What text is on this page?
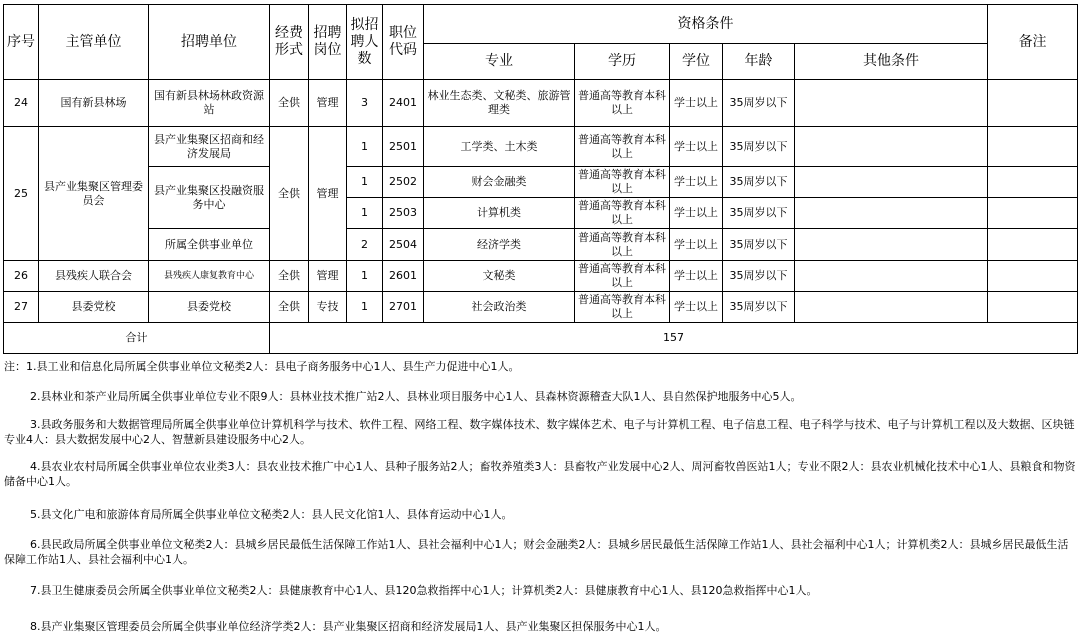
序号	主管单位	招聘单位	经费形式	招聘岗位	拟招聘人数	职位代码	资格条件					备注
							专业	学历	学位	年龄	其他条件	
24	国有新县林场	国有新县林场林政资源站	全供	管理	3	2401	林业生态类、文秘类、旅游管理类	普通高等教育本科以上	学士以上	35周岁以下		
25	县产业集聚区管理委员会	县产业集聚区招商和经济发展局	全供	管理	1	2501	工学类、土木类	普通高等教育本科以上	学士以上	35周岁以下		
		县产业集聚区投融资服务中心			1	2502	财会金融类	普通高等教育本科以上	学士以上	35周岁以下		
					1	2503	计算机类	普通高等教育本科以上	学士以上	35周岁以下		
		所属全供事业单位			2	2504	经济学类	普通高等教育本科以上	学士以上	35周岁以下		
26	县残疾人联合会	县残疾人康复教育中心	全供	管理	1	2601	文秘类	普通高等教育本科以上	学士以上	35周岁以下		
27	县委党校	县委党校	全供	专技	1	2701	社会政治类	普通高等教育本科以上	学士以上	35周岁以下		
合计			157									
注：1.县工业和信息化局所属全供事业单位文秘类2人：县电子商务服务中心1人、县生产力促进中心1人。
2.县林业和茶产业局所属全供事业单位专业不限9人：县林业技术推广站2人、县林业项目服务中心1人、县森林资源稽查大队1人、县自然保护地服务中心5人。
3.县政务服务和大数据管理局所属全供事业单位计算机科学与技术、软件工程、网络工程、数字媒体技术、数字媒体艺术、电子与计算机工程、电子信息工程、电子科学与技术、电子与计算机工程以及大数据、区块链专业4人：县大数据发展中心2人、智慧新县建设服务中心2人。
4.县农业农村局所属全供事业单位农业类3人：县农业技术推广中心1人、县种子服务站2人；畜牧养殖类3人：县畜牧产业发展中心2人、周河畜牧兽医站1人；专业不限2人：县农业机械化技术中心1人、县粮食和物资储备中心1人。
5.县文化广电和旅游体育局所属全供事业单位文秘类2人：县人民文化馆1人、县体育运动中心1人。
6.县民政局所属全供事业单位文秘类2人：县城乡居民最低生活保障工作站1人、县社会福利中心1人；财会金融类2人：县城乡居民最低生活保障工作站1人、县社会福利中心1人；计算机类2人：县城乡居民最低生活保障工作站1人、县社会福利中心1人。
7.县卫生健康委员会所属全供事业单位文秘类2人：县健康教育中心1人、县120急救指挥中心1人；计算机类2人：县健康教育中心1人、县120急救指挥中心1人。
8.县产业集聚区管理委员会所属全供事业单位经济学类2人：县产业集聚区招商和经济发展局1人、县产业集聚区担保服务中心1人。
